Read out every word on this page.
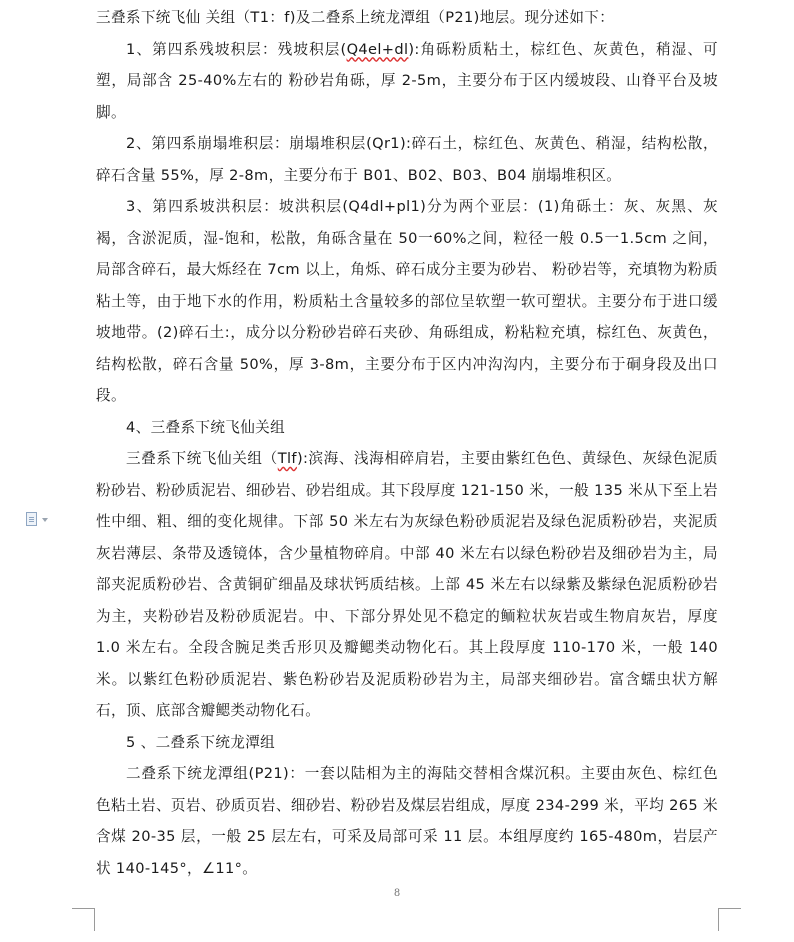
三叠系下统飞仙 关组（T1：f)及二叠系上统龙潭组（P21)地层。现分述如下：

1、第四系残坡积层：残坡积层(Q4el+dl):角砾粉质粘土，棕红色、灰黄色，稍湿、可塑，局部含 25-40%左右的 粉砂岩角砾，厚 2-5m，主要分布于区内缓坡段、山脊平台及坡脚。

2、第四系崩塌堆积层：崩塌堆积层(Qr1):碎石土，棕红色、灰黄色、稍湿，结构松散，碎石含量 55%，厚 2-8m，主要分布于 B01、B02、B03、B04 崩塌堆积区。

3、第四系坡洪积层：坡洪积层(Q4dl+pl1)分为两个亚层：(1)角砾土：灰、灰黑、灰褐，含淤泥质，湿-饱和，松散，角砾含量在 50一60%之间，粒径一般 0.5一1.5cm 之间，局部含碎石，最大烁经在 7cm 以上，角烁、碎石成分主要为砂岩、 粉砂岩等，充填物为粉质粘土等，由于地下水的作用，粉质粘土含量较多的部位呈软塑一软可塑状。主要分布于进口缓坡地带。(2)碎石土:，成分以分粉砂岩碎石夹砂、角砾组成，粉粘粒充填，棕红色、灰黄色，结构松散，碎石含量 50%，厚 3-8m，主要分布于区内冲沟沟内，主要分布于硐身段及出口段。

4、三叠系下统飞仙关组

三叠系下统飞仙关组（Tlf):滨海、浅海相碎肩岩，主要由紫红色色、黄绿色、灰绿色泥质粉砂岩、粉砂质泥岩、细砂岩、砂岩组成。其下段厚度 121-150 米，一般 135 米从下至上岩性中细、粗、细的变化规律。下部 50 米左右为灰绿色粉砂质泥岩及绿色泥质粉砂岩，夹泥质灰岩薄层、条带及透镜体，含少量植物碎肩。中部 40 米左右以绿色粉砂岩及细砂岩为主，局部夹泥质粉砂岩、含黄铜矿细晶及球状钙质结核。上部 45 米左右以绿紫及紫绿色泥质粉砂岩为主，夹粉砂岩及粉砂质泥岩。中、下部分界处见不稳定的鲕粒状灰岩或生物肩灰岩，厚度 1.0 米左右。全段含腕足类舌形贝及瓣鳃类动物化石。其上段厚度 110-170 米，一般 140 米。以紫红色粉砂质泥岩、紫色粉砂岩及泥质粉砂岩为主，局部夹细砂岩。富含蠕虫状方解石，顶、底部含瓣鳃类动物化石。

5 、二叠系下统龙潭组

二叠系下统龙潭组(P21)：一套以陆相为主的海陆交替相含煤沉积。主要由灰色、棕红色色粘土岩、页岩、砂质页岩、细砂岩、粉砂岩及煤层岩组成，厚度 234-299 米，平均 265 米含煤 20-35 层，一般 25 层左右，可采及局部可采 11 层。本组厚度约 165-480m，岩层产状 140-145°，∠11°。

8
